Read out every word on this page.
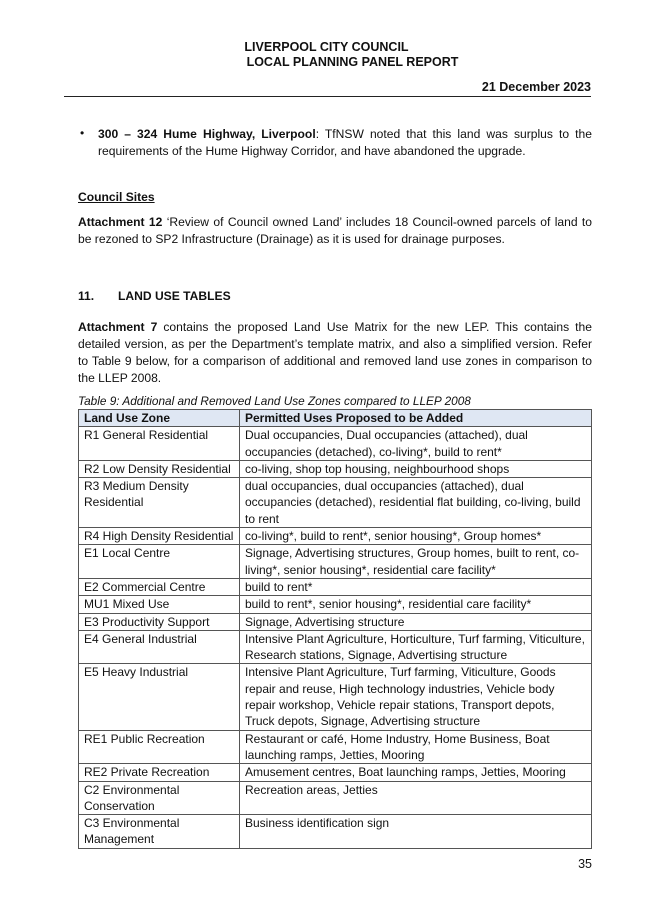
LIVERPOOL CITY COUNCIL
LOCAL PLANNING PANEL REPORT
21 December 2023
• 300 – 324 Hume Highway, Liverpool: TfNSW noted that this land was surplus to the requirements of the Hume Highway Corridor, and have abandoned the upgrade.
Council Sites
Attachment 12 ‘Review of Council owned Land’ includes 18 Council-owned parcels of land to be rezoned to SP2 Infrastructure (Drainage) as it is used for drainage purposes.
11. LAND USE TABLES
Attachment 7 contains the proposed Land Use Matrix for the new LEP. This contains the detailed version, as per the Department’s template matrix, and also a simplified version. Refer to Table 9 below, for a comparison of additional and removed land use zones in comparison to the LLEP 2008.
Table 9: Additional and Removed Land Use Zones compared to LLEP 2008
Land Use Zone	Permitted Uses Proposed to be Added
R1 General Residential	Dual occupancies, Dual occupancies (attached), dual occupancies (detached), co-living*, build to rent*
R2 Low Density Residential	co-living, shop top housing, neighbourhood shops
R3 Medium Density Residential	dual occupancies, dual occupancies (attached), dual occupancies (detached), residential flat building, co-living, build to rent
R4 High Density Residential	co-living*, build to rent*, senior housing*, Group homes*
E1 Local Centre	Signage, Advertising structures, Group homes, built to rent, co-living*, senior housing*, residential care facility*
E2 Commercial Centre	build to rent*
MU1 Mixed Use	build to rent*, senior housing*, residential care facility*
E3 Productivity Support	Signage, Advertising structure
E4 General Industrial	Intensive Plant Agriculture, Horticulture, Turf farming, Viticulture, Research stations, Signage, Advertising structure
E5 Heavy Industrial	Intensive Plant Agriculture, Turf farming, Viticulture, Goods repair and reuse, High technology industries, Vehicle body repair workshop, Vehicle repair stations, Transport depots, Truck depots, Signage, Advertising structure
RE1 Public Recreation	Restaurant or café, Home Industry, Home Business, Boat launching ramps, Jetties, Mooring
RE2 Private Recreation	Amusement centres, Boat launching ramps, Jetties, Mooring
C2 Environmental Conservation	Recreation areas, Jetties
C3 Environmental Management	Business identification sign
35
